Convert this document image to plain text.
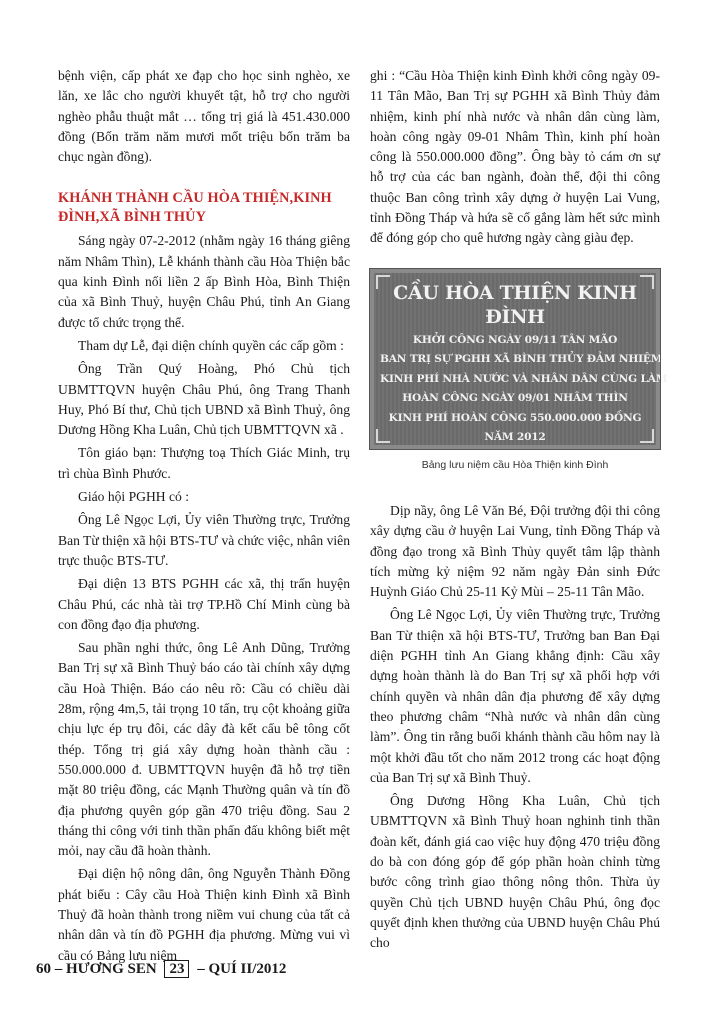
bệnh viện, cấp phát xe đạp cho học sinh nghèo, xe lăn, xe lắc cho người khuyết tật, hỗ trợ cho người nghèo phẫu thuật mắt … tổng trị giá là 451.430.000 đồng (Bốn trăm năm mươi mốt triệu bốn trăm ba chục ngàn đồng).

KHÁNH THÀNH CẦU HÒA THIỆN,KINH ĐÌNH,XÃ BÌNH THỦY

Sáng ngày 07-2-2012 (nhằm ngày 16 tháng giêng năm Nhâm Thìn), Lễ khánh thành cầu Hòa Thiện bắc qua kinh Đình nối liền 2 ấp Bình Hòa, Bình Thiện của xã Bình Thuỷ, huyện Châu Phú, tỉnh An Giang được tổ chức trọng thể.

Tham dự Lễ, đại diện chính quyền các cấp gồm :

Ông Trần Quý Hoàng, Phó Chủ tịch UBMTTQVN huyện Châu Phú, ông Trang Thanh Huy, Phó Bí thư, Chủ tịch UBND xã Bình Thuỷ, ông Dương Hồng Kha Luân, Chủ tịch UBMTTQVN xã .

Tôn giáo bạn: Thượng toạ Thích Giác Minh, trụ trì chùa Bình Phước.

Giáo hội PGHH có :

Ông Lê Ngọc Lợi, Ủy viên Thường trực, Trưởng Ban Từ thiện xã hội BTS-TƯ và chức việc, nhân viên trực thuộc BTS-TƯ.

Đại diện 13 BTS PGHH các xã, thị trấn huyện Châu Phú, các nhà tài trợ TP.Hồ Chí Minh cùng bà con đồng đạo địa phương.

Sau phần nghi thức, ông Lê Anh Dũng, Trưởng Ban Trị sự xã Bình Thuỷ báo cáo tài chính xây dựng cầu Hoà Thiện. Báo cáo nêu rõ: Cầu có chiều dài 28m, rộng 4m,5, tải trọng 10 tấn, trụ cột khoảng giữa chịu lực ép trụ đôi, các dây đà kết cấu bê tông cốt thép. Tổng trị giá xây dựng hoàn thành cầu : 550.000.000 đ. UBMTTQVN huyện đã hỗ trợ tiền mặt 80 triệu đồng, các Mạnh Thường quân và tín đồ địa phương quyên góp gần 470 triệu đồng. Sau 2 tháng thi công với tinh thần phấn đấu không biết mệt mỏi, nay cầu đã hoàn thành.

Đại diện hộ nông dân, ông Nguyễn Thành Đồng phát biểu : Cây cầu Hoà Thiện kinh Đình xã Bình Thuỷ đã hoàn thành trong niềm vui chung của tất cả nhân dân và tín đồ PGHH địa phương. Mừng vui vì cầu có Bảng lưu niệm

ghi : “Cầu Hòa Thiện kinh Đình khởi công ngày 09-11 Tân Mão, Ban Trị sự PGHH xã Bình Thủy đảm nhiệm, kinh phí nhà nước và nhân dân cùng làm, hoàn công ngày 09-01 Nhâm Thìn, kinh phí hoàn công là 550.000.000 đồng”. Ông bày tỏ cám ơn sự hỗ trợ của các ban ngành, đoàn thể, đội thi công thuộc Ban công trình xây dựng ở huyện Lai Vung, tỉnh Đồng Tháp và hứa sẽ cố gắng làm hết sức mình để đóng góp cho quê hương ngày càng giàu đẹp.

CẦU HÒA THIỆN KINH ĐÌNH
KHỞI CÔNG NGÀY 09/11 TÂN MÃO
BAN TRỊ SỰ PGHH XÃ BÌNH THỦY ĐẢM NHIỆM
KINH PHÍ NHÀ NƯỚC VÀ NHÂN DÂN CÙNG LÀM
HOÀN CÔNG NGÀY 09/01 NHÂM THÌN
KINH PHÍ HOÀN CÔNG 550.000.000 ĐỒNG
NĂM 2012
Bảng lưu niệm cầu Hòa Thiện kinh Đình

Dịp nầy, ông Lê Văn Bé, Đội trưởng đội thi công xây dựng cầu ở huyện Lai Vung, tỉnh Đồng Tháp và đồng đạo trong xã Bình Thủy quyết tâm lập thành tích mừng kỷ niệm 92 năm ngày Đản sinh Đức Huỳnh Giáo Chủ 25-11 Kỷ Mùi – 25-11 Tân Mão.

Ông Lê Ngọc Lợi, Ủy viên Thường trực, Trưởng Ban Từ thiện xã hội BTS-TƯ, Trưởng ban Ban Đại diện PGHH tỉnh An Giang khẳng định: Cầu xây dựng hoàn thành là do Ban Trị sự xã phối hợp với chính quyền và nhân dân địa phương để xây dựng theo phương châm “Nhà nước và nhân dân cùng làm”. Ông tin rằng buổi khánh thành cầu hôm nay là một khởi đầu tốt cho năm 2012 trong các hoạt động của Ban Trị sự xã Bình Thuỷ.

Ông Dương Hồng Kha Luân, Chủ tịch UBMTTQVN xã Bình Thuỷ hoan nghinh tinh thần đoàn kết, đánh giá cao việc huy động 470 triệu đồng do bà con đóng góp để góp phần hoàn chỉnh từng bước công trình giao thông nông thôn. Thừa ủy quyền Chủ tịch UBND huyện Châu Phú, ông đọc quyết định khen thưởng của UBND huyện Châu Phú cho

60 – HƯƠNG SEN 23 – QUÍ II/2012
